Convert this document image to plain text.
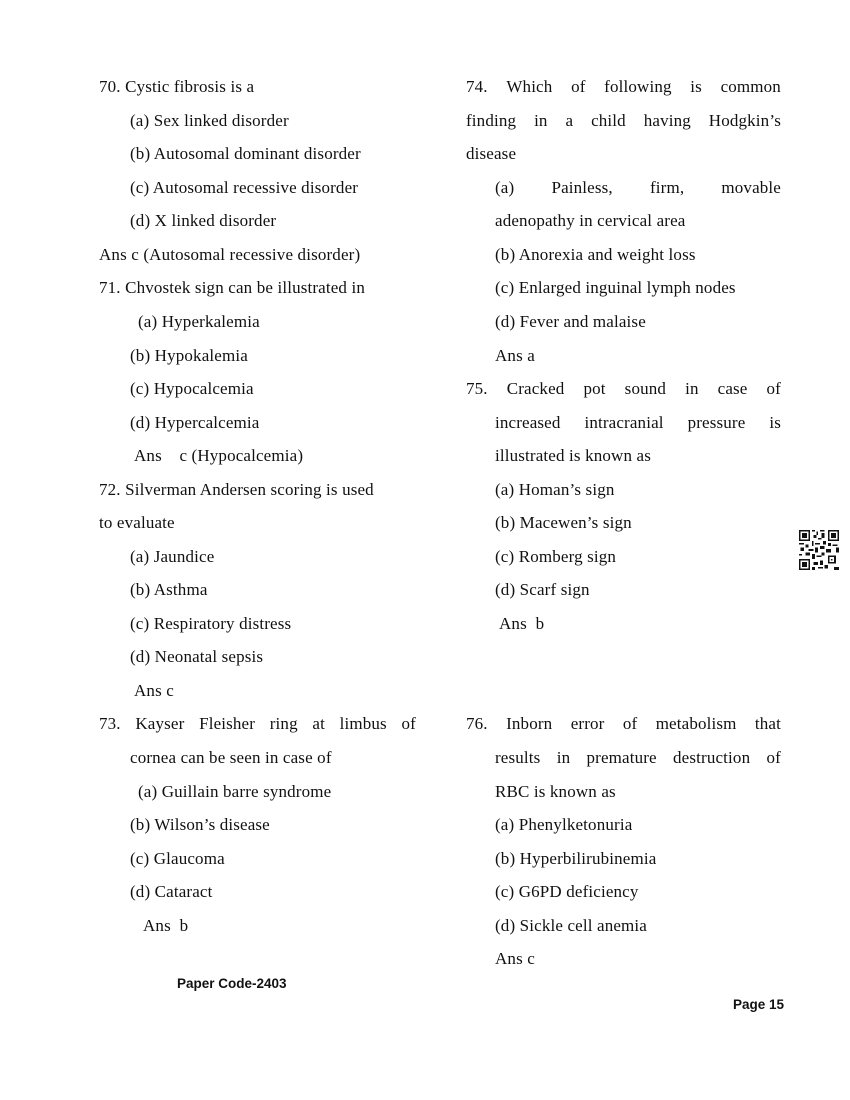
70. Cystic fibrosis is a
(a) Sex linked disorder
(b) Autosomal dominant disorder
(c) Autosomal recessive disorder
(d) X linked disorder
Ans c (Autosomal recessive disorder)
71. Chvostek sign can be illustrated in
(a) Hyperkalemia
(b) Hypokalemia
(c) Hypocalcemia
(d) Hypercalcemia
Ans    c (Hypocalcemia)
72. Silverman Andersen scoring is used
to evaluate
(a) Jaundice
(b) Asthma
(c) Respiratory distress
(d) Neonatal sepsis
Ans c
73. Kayser Fleisher ring at limbus of
cornea can be seen in case of
(a) Guillain barre syndrome
(b) Wilson’s disease
(c) Glaucoma
(d) Cataract
Ans  b
74. Which of following is common
finding in a child having Hodgkin’s
disease
(a) Painless, firm, movable
adenopathy in cervical area
(b) Anorexia and weight loss
(c) Enlarged inguinal lymph nodes
(d) Fever and malaise
Ans a
75. Cracked pot sound in case of
increased intracranial pressure is
illustrated is known as
(a) Homan’s sign
(b) Macewen’s sign
(c) Romberg sign
(d) Scarf sign
Ans  b
76. Inborn error of metabolism that
results in premature destruction of
RBC is known as
(a) Phenylketonuria
(b) Hyperbilirubinemia
(c) G6PD deficiency
(d) Sickle cell anemia
Ans c
Paper Code-2403
Page 15
